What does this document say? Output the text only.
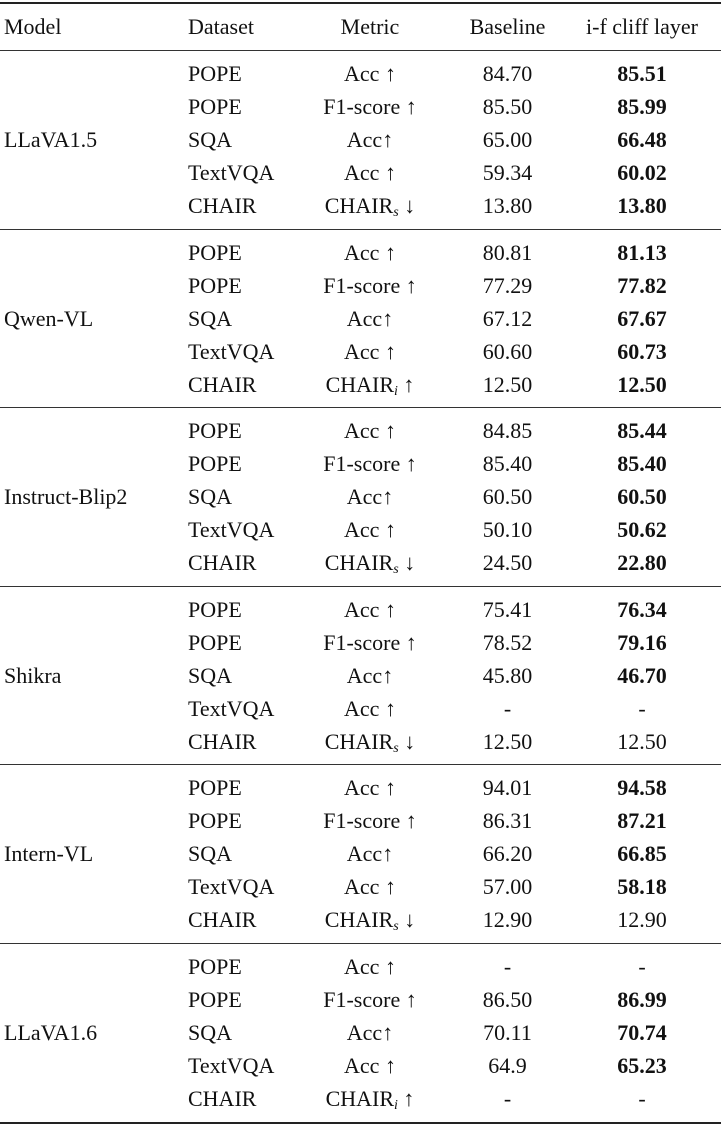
Model	Dataset	Metric	Baseline	i-f cliff layer
LLaVA1.5
POPE	Acc ↑	84.70	85.51
POPE	F1-score ↑	85.50	85.99
SQA	Acc↑	65.00	66.48
TextVQA	Acc ↑	59.34	60.02
CHAIR	$CHAIR_s$ ↓	13.80	13.80
Qwen-VL
POPE	Acc ↑	80.81	81.13
POPE	F1-score ↑	77.29	77.82
SQA	Acc↑	67.12	67.67
TextVQA	Acc ↑	60.60	60.73
CHAIR	$CHAIR_i$ ↑	12.50	12.50
Instruct-Blip2
POPE	Acc ↑	84.85	85.44
POPE	F1-score ↑	85.40	85.40
SQA	Acc↑	60.50	60.50
TextVQA	Acc ↑	50.10	50.62
CHAIR	$CHAIR_s$ ↓	24.50	22.80
Shikra
POPE	Acc ↑	75.41	76.34
POPE	F1-score ↑	78.52	79.16
SQA	Acc↑	45.80	46.70
TextVQA	Acc ↑	-	-
CHAIR	$CHAIR_s$ ↓	12.50	12.50
Intern-VL
POPE	Acc ↑	94.01	94.58
POPE	F1-score ↑	86.31	87.21
SQA	Acc↑	66.20	66.85
TextVQA	Acc ↑	57.00	58.18
CHAIR	$CHAIR_s$ ↓	12.90	12.90
LLaVA1.6
POPE	Acc ↑	-	-
POPE	F1-score ↑	86.50	86.99
SQA	Acc↑	70.11	70.74
TextVQA	Acc ↑	64.9	65.23
CHAIR	$CHAIR_i$ ↑	-	-
